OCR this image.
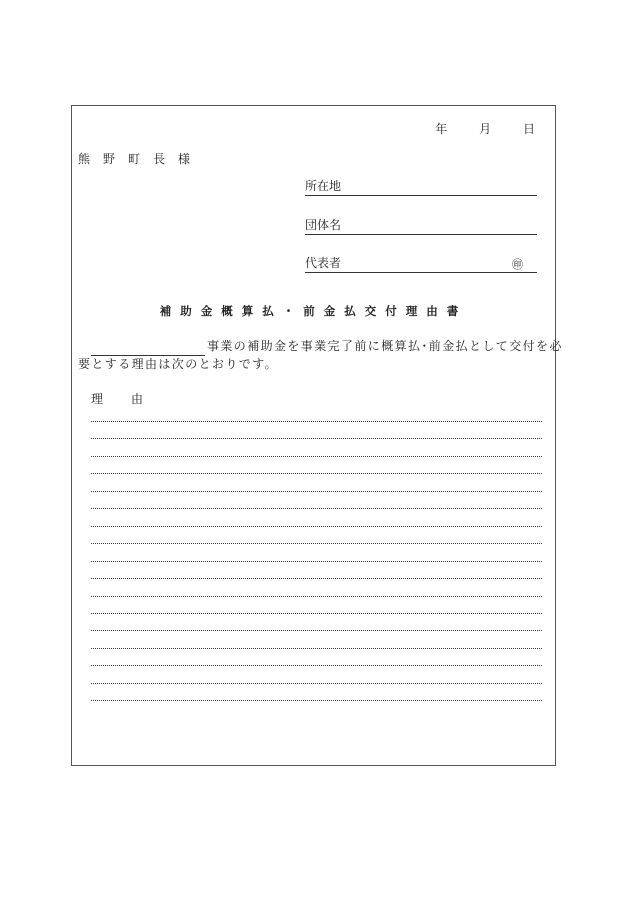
年	月	日
熊野町長様
所在地
団体名
代表者	㊞
補助金概算払・前金払交付理由書
事業の補助金を事業完了前に概算払･前金払として交付を必
要とする理由は次のとおりです。
理 由
